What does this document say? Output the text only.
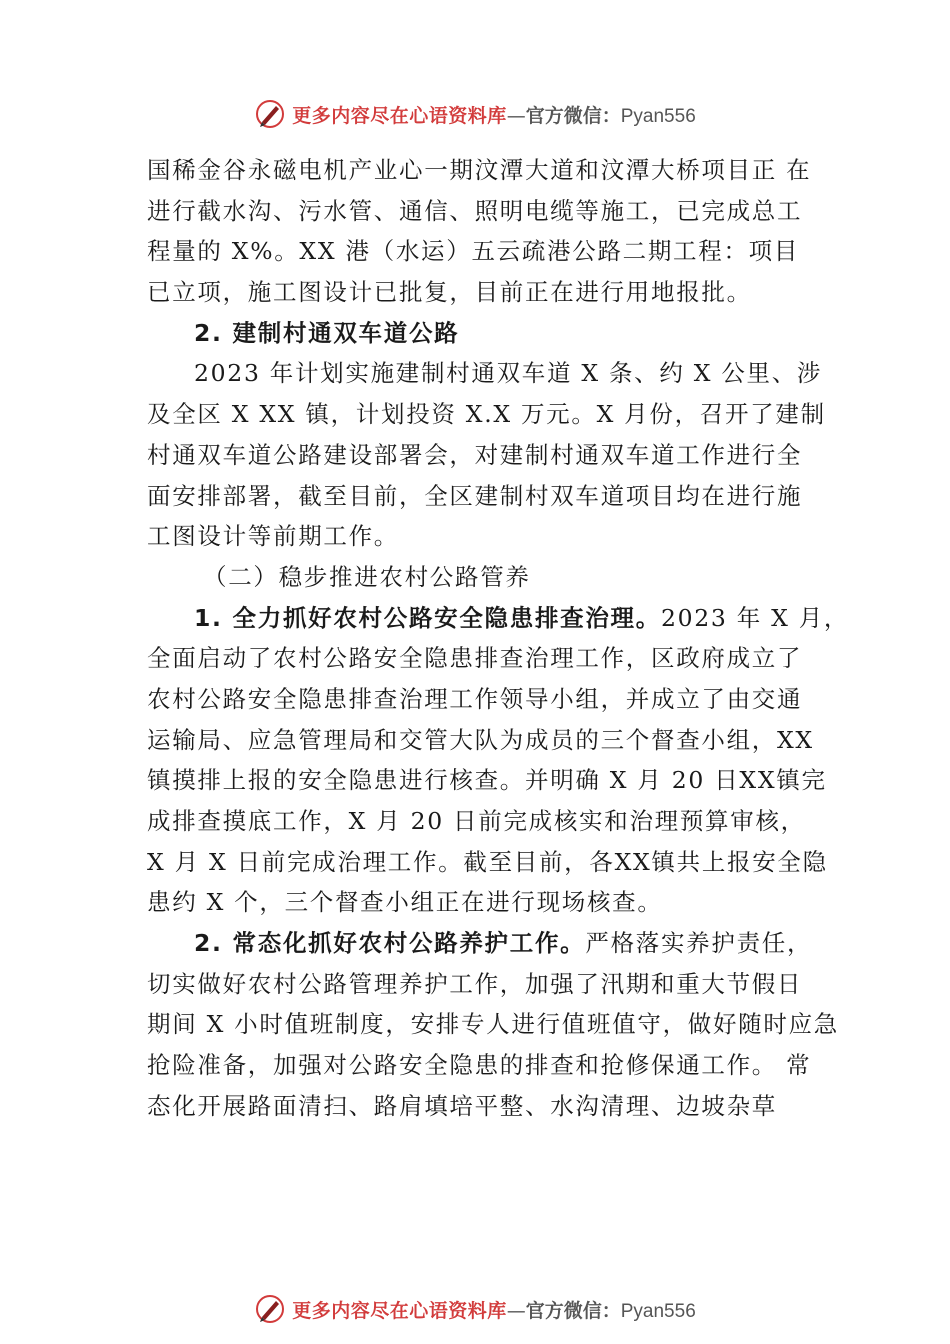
更多内容尽在心语资料库 —官方微信：Pyan556
国稀金谷永磁电机产业心一期汶潭大道和汶潭大桥项目正 在
进行截水沟、污水管、通信、照明电缆等施工，已完成总工
程量的 X%。XX 港（水运）五云疏港公路二期工程：项目
已立项，施工图设计已批复，目前正在进行用地报批。
2. 建制村通双车道公路
2023 年计划实施建制村通双车道 X 条、约 X 公里、涉
及全区 X XX 镇，计划投资 X.X 万元。X 月份，召开了建制
村通双车道公路建设部署会，对建制村通双车道工作进行全
面安排部署，截至目前，全区建制村双车道项目均在进行施
工图设计等前期工作。
（二）稳步推进农村公路管养
1. 全力抓好农村公路安全隐患排查治理。2023 年 X 月，
全面启动了农村公路安全隐患排查治理工作，区政府成立了
农村公路安全隐患排查治理工作领导小组，并成立了由交通
运输局、应急管理局和交管大队为成员的三个督查小组，XX
镇摸排上报的安全隐患进行核查。并明确 X 月 20 日XX镇完
成排查摸底工作，X 月 20 日前完成核实和治理预算审核，
X 月 X 日前完成治理工作。截至目前，各XX镇共上报安全隐
患约 X 个，三个督查小组正在进行现场核查。
2. 常态化抓好农村公路养护工作。严格落实养护责任，
切实做好农村公路管理养护工作，加强了汛期和重大节假日
期间 X 小时值班制度，安排专人进行值班值守，做好随时应急
抢险准备，加强对公路安全隐患的排查和抢修保通工作。 常
态化开展路面清扫、路肩填培平整、水沟清理、边坡杂草
更多内容尽在心语资料库 —官方微信：Pyan556
